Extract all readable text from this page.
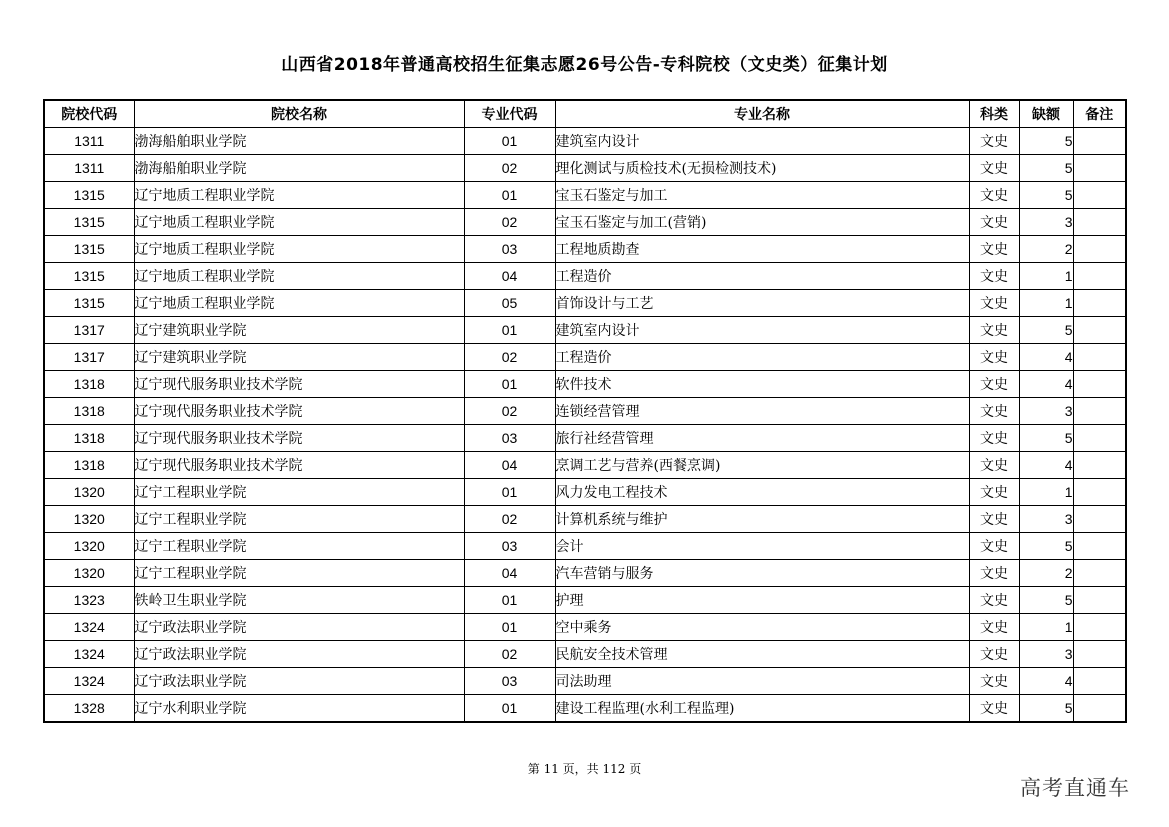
山西省2018年普通高校招生征集志愿26号公告-专科院校（文史类）征集计划
院校代码	院校名称	专业代码	专业名称	科类	缺额	备注
1311	渤海船舶职业学院	01	建筑室内设计	文史	5	
1311	渤海船舶职业学院	02	理化测试与质检技术(无损检测技术)	文史	5	
1315	辽宁地质工程职业学院	01	宝玉石鉴定与加工	文史	5	
1315	辽宁地质工程职业学院	02	宝玉石鉴定与加工(营销)	文史	3	
1315	辽宁地质工程职业学院	03	工程地质勘查	文史	2	
1315	辽宁地质工程职业学院	04	工程造价	文史	1	
1315	辽宁地质工程职业学院	05	首饰设计与工艺	文史	1	
1317	辽宁建筑职业学院	01	建筑室内设计	文史	5	
1317	辽宁建筑职业学院	02	工程造价	文史	4	
1318	辽宁现代服务职业技术学院	01	软件技术	文史	4	
1318	辽宁现代服务职业技术学院	02	连锁经营管理	文史	3	
1318	辽宁现代服务职业技术学院	03	旅行社经营管理	文史	5	
1318	辽宁现代服务职业技术学院	04	烹调工艺与营养(西餐烹调)	文史	4	
1320	辽宁工程职业学院	01	风力发电工程技术	文史	1	
1320	辽宁工程职业学院	02	计算机系统与维护	文史	3	
1320	辽宁工程职业学院	03	会计	文史	5	
1320	辽宁工程职业学院	04	汽车营销与服务	文史	2	
1323	铁岭卫生职业学院	01	护理	文史	5	
1324	辽宁政法职业学院	01	空中乘务	文史	1	
1324	辽宁政法职业学院	02	民航安全技术管理	文史	3	
1324	辽宁政法职业学院	03	司法助理	文史	4	
1328	辽宁水利职业学院	01	建设工程监理(水利工程监理)	文史	5	
第 11 页，共 112 页
高考直通车
